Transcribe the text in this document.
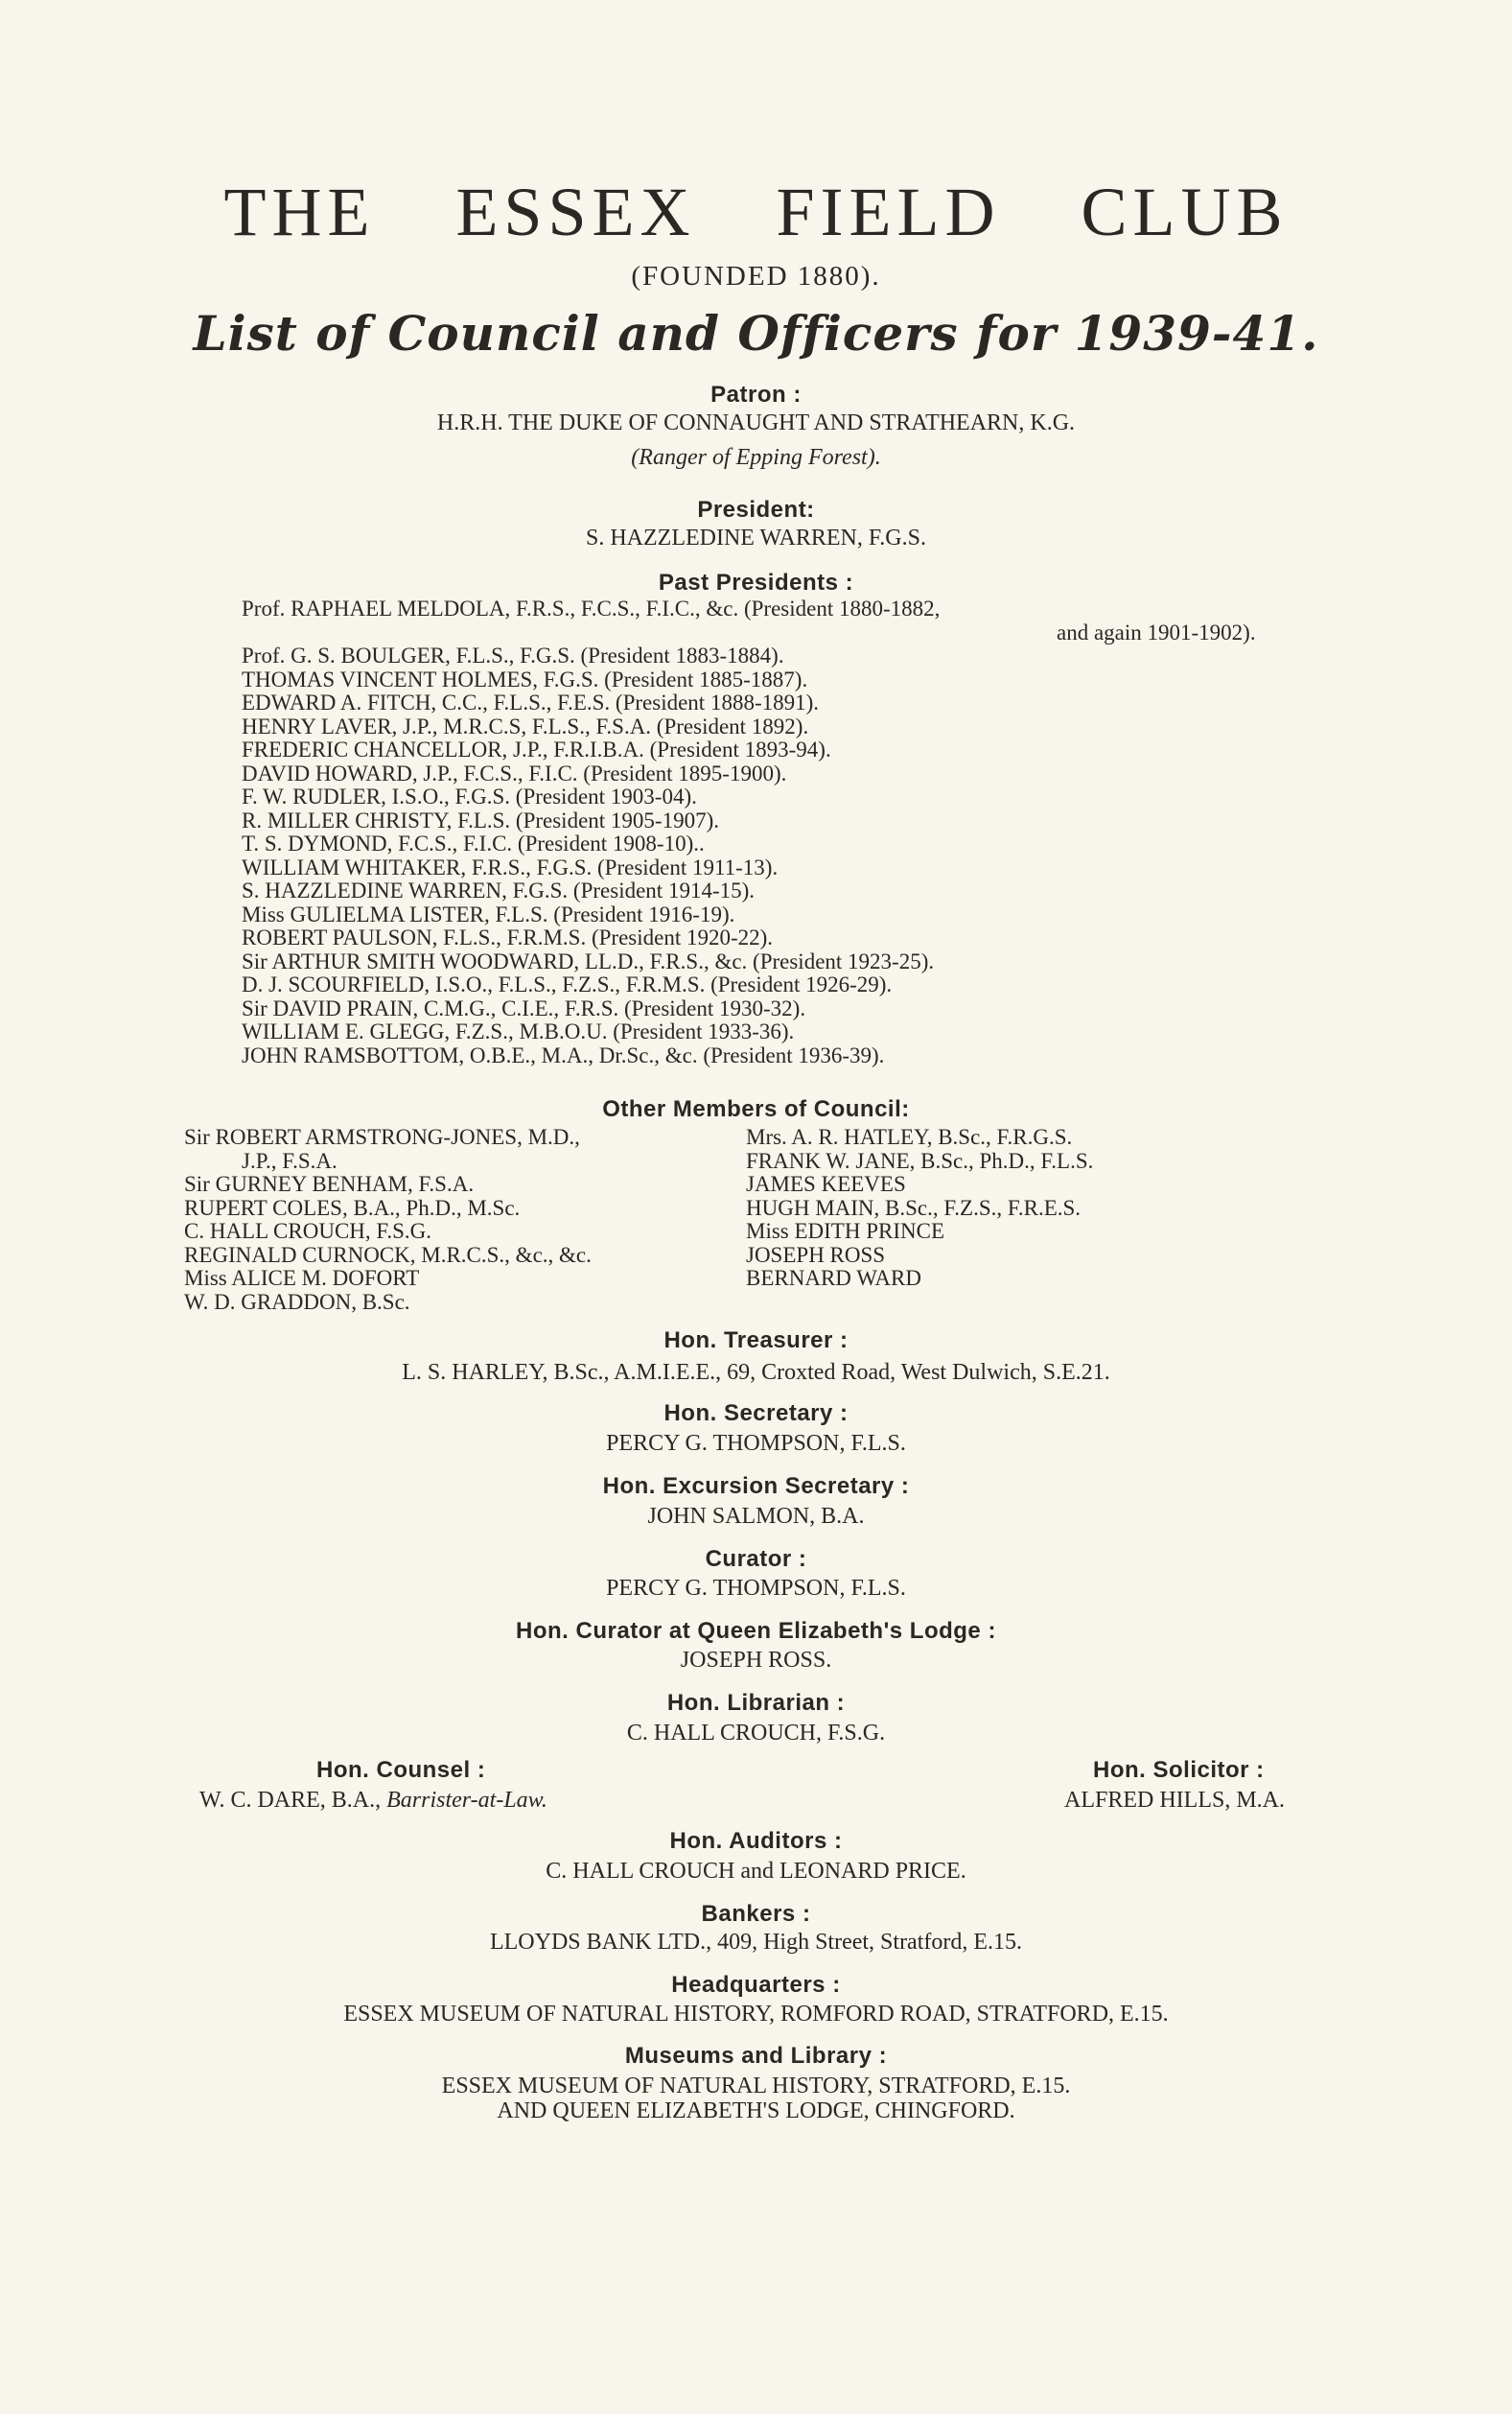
THE ESSEX FIELD CLUB
(FOUNDED 1880).
List of Council and Officers for 1939-41.
Patron :
H.R.H. THE DUKE OF CONNAUGHT AND STRATHEARN, K.G.
(Ranger of Epping Forest).
President:
S. HAZZLEDINE WARREN, F.G.S.
Past Presidents :
Prof. RAPHAEL MELDOLA, F.R.S., F.C.S., F.I.C., &c. (President 1880-1882,
and again 1901-1902).
Prof. G. S. BOULGER, F.L.S., F.G.S. (President 1883-1884).
THOMAS VINCENT HOLMES, F.G.S. (President 1885-1887).
EDWARD A. FITCH, C.C., F.L.S., F.E.S. (President 1888-1891).
HENRY LAVER, J.P., M.R.C.S, F.L.S., F.S.A. (President 1892).
FREDERIC CHANCELLOR, J.P., F.R.I.B.A. (President 1893-94).
DAVID HOWARD, J.P., F.C.S., F.I.C. (President 1895-1900).
F. W. RUDLER, I.S.O., F.G.S. (President 1903-04).
R. MILLER CHRISTY, F.L.S. (President 1905-1907).
T. S. DYMOND, F.C.S., F.I.C. (President 1908-10)..
WILLIAM WHITAKER, F.R.S., F.G.S. (President 1911-13).
S. HAZZLEDINE WARREN, F.G.S. (President 1914-15).
Miss GULIELMA LISTER, F.L.S. (President 1916-19).
ROBERT PAULSON, F.L.S., F.R.M.S. (President 1920-22).
Sir ARTHUR SMITH WOODWARD, LL.D., F.R.S., &c. (President 1923-25).
D. J. SCOURFIELD, I.S.O., F.L.S., F.Z.S., F.R.M.S. (President 1926-29).
Sir DAVID PRAIN, C.M.G., C.I.E., F.R.S. (President 1930-32).
WILLIAM E. GLEGG, F.Z.S., M.B.O.U. (President 1933-36).
JOHN RAMSBOTTOM, O.B.E., M.A., Dr.Sc., &c. (President 1936-39).
Other Members of Council:
Sir ROBERT ARMSTRONG-JONES, M.D.,
J.P., F.S.A.
Sir GURNEY BENHAM, F.S.A.
RUPERT COLES, B.A., Ph.D., M.Sc.
C. HALL CROUCH, F.S.G.
REGINALD CURNOCK, M.R.C.S., &c., &c.
Miss ALICE M. DOFORT
W. D. GRADDON, B.Sc.
Mrs. A. R. HATLEY, B.Sc., F.R.G.S.
FRANK W. JANE, B.Sc., Ph.D., F.L.S.
JAMES KEEVES
HUGH MAIN, B.Sc., F.Z.S., F.R.E.S.
Miss EDITH PRINCE
JOSEPH ROSS
BERNARD WARD
Hon. Treasurer :
L. S. HARLEY, B.Sc., A.M.I.E.E., 69, Croxted Road, West Dulwich, S.E.21.
Hon. Secretary :
PERCY G. THOMPSON, F.L.S.
Hon. Excursion Secretary :
JOHN SALMON, B.A.
Curator :
PERCY G. THOMPSON, F.L.S.
Hon. Curator at Queen Elizabeth's Lodge :
JOSEPH ROSS.
Hon. Librarian :
C. HALL CROUCH, F.S.G.
Hon. Counsel :
W. C. DARE, B.A., Barrister-at-Law.
Hon. Solicitor :
ALFRED HILLS, M.A.
Hon. Auditors :
C. HALL CROUCH and LEONARD PRICE.
Bankers :
LLOYDS BANK LTD., 409, High Street, Stratford, E.15.
Headquarters :
ESSEX MUSEUM OF NATURAL HISTORY, ROMFORD ROAD, STRATFORD, E.15.
Museums and Library :
ESSEX MUSEUM OF NATURAL HISTORY, STRATFORD, E.15.
AND QUEEN ELIZABETH'S LODGE, CHINGFORD.
